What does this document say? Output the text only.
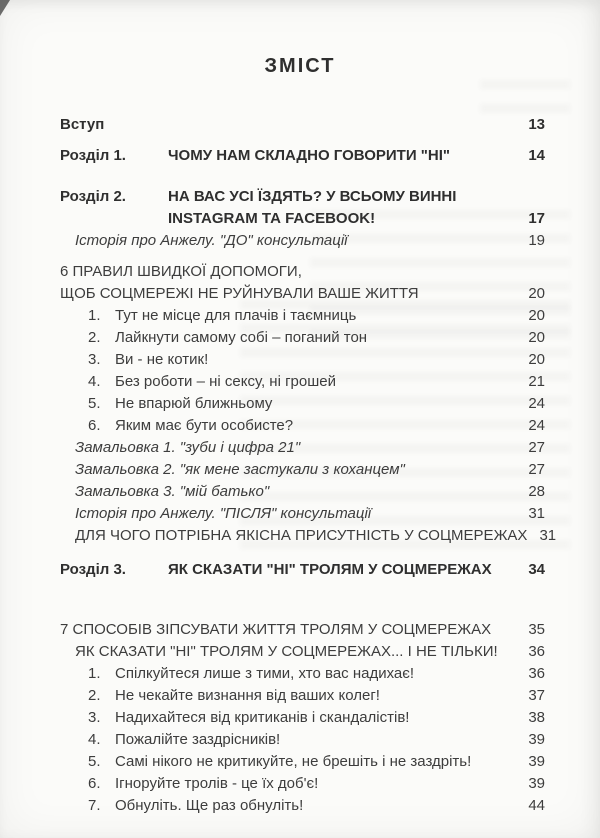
ЗМІСТ
Вступ	13
Розділ 1.	ЧОМУ НАМ СКЛАДНО ГОВОРИТИ "НІ"	14
Розділ 2.	НА ВАС УСІ ЇЗДЯТЬ? У ВСЬОМУ ВИННІ
INSTAGRAM ТА FACEBOOK!	17
Історія про Анжелу. "ДО" консультації	19
6 ПРАВИЛ ШВИДКОЇ ДОПОМОГИ,
ЩОБ СОЦМЕРЕЖІ НЕ РУЙНУВАЛИ ВАШЕ ЖИТТЯ	20
1. Тут не місце для плачів і таємниць	20
2. Лайкнути самому собі – поганий тон	20
3. Ви - не котик!	20
4. Без роботи – ні сексу, ні грошей	21
5. Не впарюй ближньому	24
6. Яким має бути особисте?	24
Замальовка 1. "зуби і цифра 21"	27
Замальовка 2. "як мене застукали з коханцем"	27
Замальовка 3. "мій батько"	28
Історія про Анжелу. "ПІСЛЯ" консультації	31
ДЛЯ ЧОГО ПОТРІБНА ЯКІСНА ПРИСУТНІСТЬ У СОЦМЕРЕЖАХ 31
Розділ 3.	ЯК СКАЗАТИ "НІ" ТРОЛЯМ У СОЦМЕРЕЖАХ	34
7 СПОСОБІВ ЗІПСУВАТИ ЖИТТЯ ТРОЛЯМ У СОЦМЕРЕЖАХ	35
ЯК СКАЗАТИ "НІ" ТРОЛЯМ У СОЦМЕРЕЖАХ... І НЕ ТІЛЬКИ!	36
1. Спілкуйтеся лише з тими, хто вас надихає!	36
2. Не чекайте визнання від ваших колег!	37
3. Надихайтеся від критиканів і скандалістів!	38
4. Пожалійте заздрісників!	39
5. Самі нікого не критикуйте, не брешіть і не заздріть!	39
6. Ігноруйте тролів - це їх доб'є!	39
7. Обнуліть. Ще раз обнуліть!	44
